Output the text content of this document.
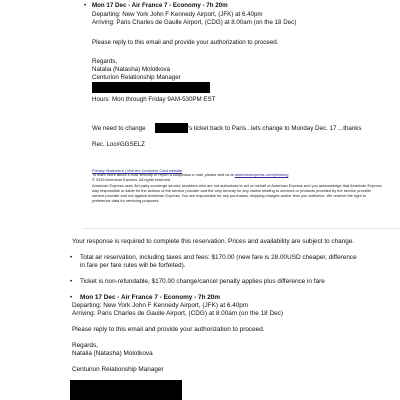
• Mon 17 Dec - Air France 7 - Economy - 7h 20m
Departing: New York John F Kennedy Airport, (JFK) at 6.40pm
Arriving: Paris Charles de Gaulle Airport, (CDG) at 8.00am (on the 18 Dec)
Please reply to this email and provide your authorization to proceed.
Regards,
Natalia (Natasha) Molotkova
Centurion Relationship Manager
Hours: Mon through Friday 9AM-530PM EST
We need to change	's ticket back to Paris...lets change to Monday Dec. 17 ...thanks
Rec. Loc#GGSELZ
Privacy Statement | Visit the Centurion Card website
To learn more about e-mail security or report a suspicious e-mail, please visit us at americanexpress.com/phishing
© 2015 American Express. All rights reserved
American Express uses 3rd party concierge service providers who are not authorized to act on behalf of American Express and you acknowledge that American Express
way responsible or liable for the actions of the service provider and the only remedy for any claims relating to services or products provided by the service provider
service provider and not against American Express. You are responsible for any purchases, shipping charges and/or fees you authorize. We reserve the right to
preference data for servicing purposes.
Your response is required to complete this reservation. Prices and availability are subject to change.
• Total air reservation, including taxes and fees: $170.00 (new fare is 28.00USD cheaper, difference
in fare per fare rules will be forfeited).
• Ticket is non-refundable, $170.00 change/cancel penalty applies plus difference in fare
• Mon 17 Dec - Air France 7 - Economy - 7h 20m
Departing: New York John F Kennedy Airport, (JFK) at 6.40pm
Arriving: Paris Charles de Gaulle Airport, (CDG) at 8.00am (on the 18 Dec)
Please reply to this email and provide your authorization to proceed.
Regards,
Natalia (Natasha) Molotkova
Centurion Relationship Manager
